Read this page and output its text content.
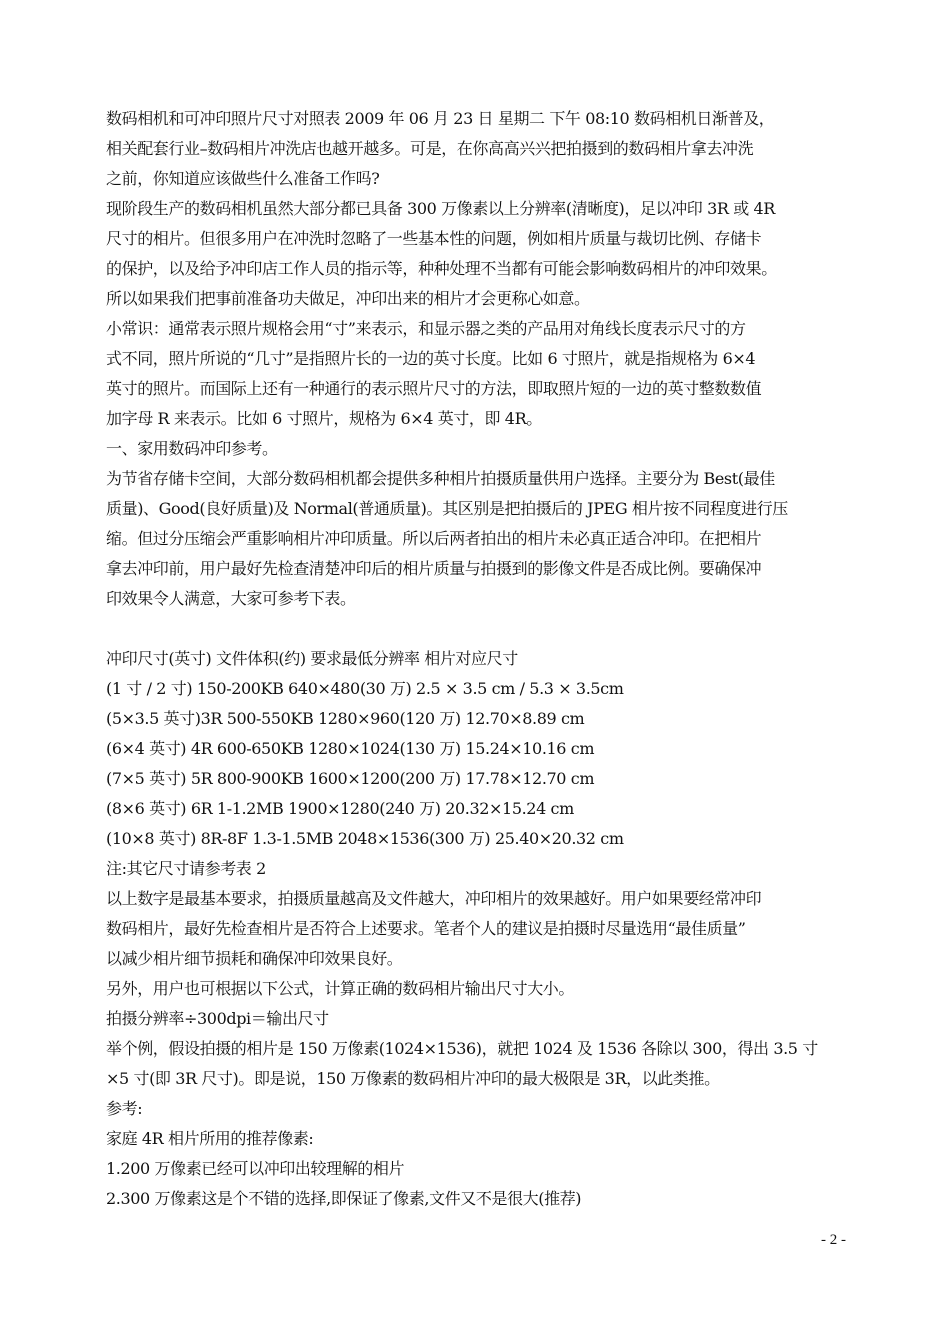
数码相机和可冲印照片尺寸对照表 2009 年 06 月 23 日 星期二 下午 08:10 数码相机日渐普及，
相关配套行业–数码相片冲洗店也越开越多。可是，在你高高兴兴把拍摄到的数码相片拿去冲洗
之前，你知道应该做些什么准备工作吗?
现阶段生产的数码相机虽然大部分都已具备 300 万像素以上分辨率(清晰度)，足以冲印 3R 或 4R
尺寸的相片。但很多用户在冲洗时忽略了一些基本性的问题，例如相片质量与裁切比例、存储卡
的保护，以及给予冲印店工作人员的指示等，种种处理不当都有可能会影响数码相片的冲印效果。
所以如果我们把事前准备功夫做足，冲印出来的相片才会更称心如意。
小常识：通常表示照片规格会用“寸”来表示，和显示器之类的产品用对角线长度表示尺寸的方
式不同，照片所说的“几寸”是指照片长的一边的英寸长度。比如 6 寸照片，就是指规格为 6×4
英寸的照片。而国际上还有一种通行的表示照片尺寸的方法，即取照片短的一边的英寸整数数值
加字母 R 来表示。比如 6 寸照片，规格为 6×4 英寸，即 4R。
一、家用数码冲印参考。
为节省存储卡空间，大部分数码相机都会提供多种相片拍摄质量供用户选择。主要分为 Best(最佳
质量)、Good(良好质量)及 Normal(普通质量)。其区别是把拍摄后的 JPEG 相片按不同程度进行压
缩。但过分压缩会严重影响相片冲印质量。所以后两者拍出的相片未必真正适合冲印。在把相片
拿去冲印前，用户最好先检查清楚冲印后的相片质量与拍摄到的影像文件是否成比例。要确保冲
印效果令人满意，大家可参考下表。
冲印尺寸(英寸) 文件体积(约) 要求最低分辨率 相片对应尺寸
(1 寸 / 2 寸) 150-200KB 640×480(30 万) 2.5 × 3.5 cm / 5.3 × 3.5cm
(5×3.5 英寸)3R 500-550KB 1280×960(120 万) 12.70×8.89 cm
(6×4 英寸) 4R 600-650KB 1280×1024(130 万) 15.24×10.16 cm
(7×5 英寸) 5R 800-900KB 1600×1200(200 万) 17.78×12.70 cm
(8×6 英寸) 6R 1-1.2MB 1900×1280(240 万) 20.32×15.24 cm
(10×8 英寸) 8R-8F 1.3-1.5MB 2048×1536(300 万) 25.40×20.32 cm
注:其它尺寸请参考表 2
以上数字是最基本要求，拍摄质量越高及文件越大，冲印相片的效果越好。用户如果要经常冲印
数码相片，最好先检查相片是否符合上述要求。笔者个人的建议是拍摄时尽量选用“最佳质量”
以减少相片细节损耗和确保冲印效果良好。
另外，用户也可根据以下公式，计算正确的数码相片输出尺寸大小。
拍摄分辨率÷300dpi＝输出尺寸
举个例，假设拍摄的相片是 150 万像素(1024×1536)，就把 1024 及 1536 各除以 300，得出 3.5 寸
×5 寸(即 3R 尺寸)。即是说，150 万像素的数码相片冲印的最大极限是 3R，以此类推。
参考:
家庭 4R 相片所用的推荐像素:
1.200 万像素已经可以冲印出较理解的相片
2.300 万像素这是个不错的选择,即保证了像素,文件又不是很大(推荐)
- 2 -
